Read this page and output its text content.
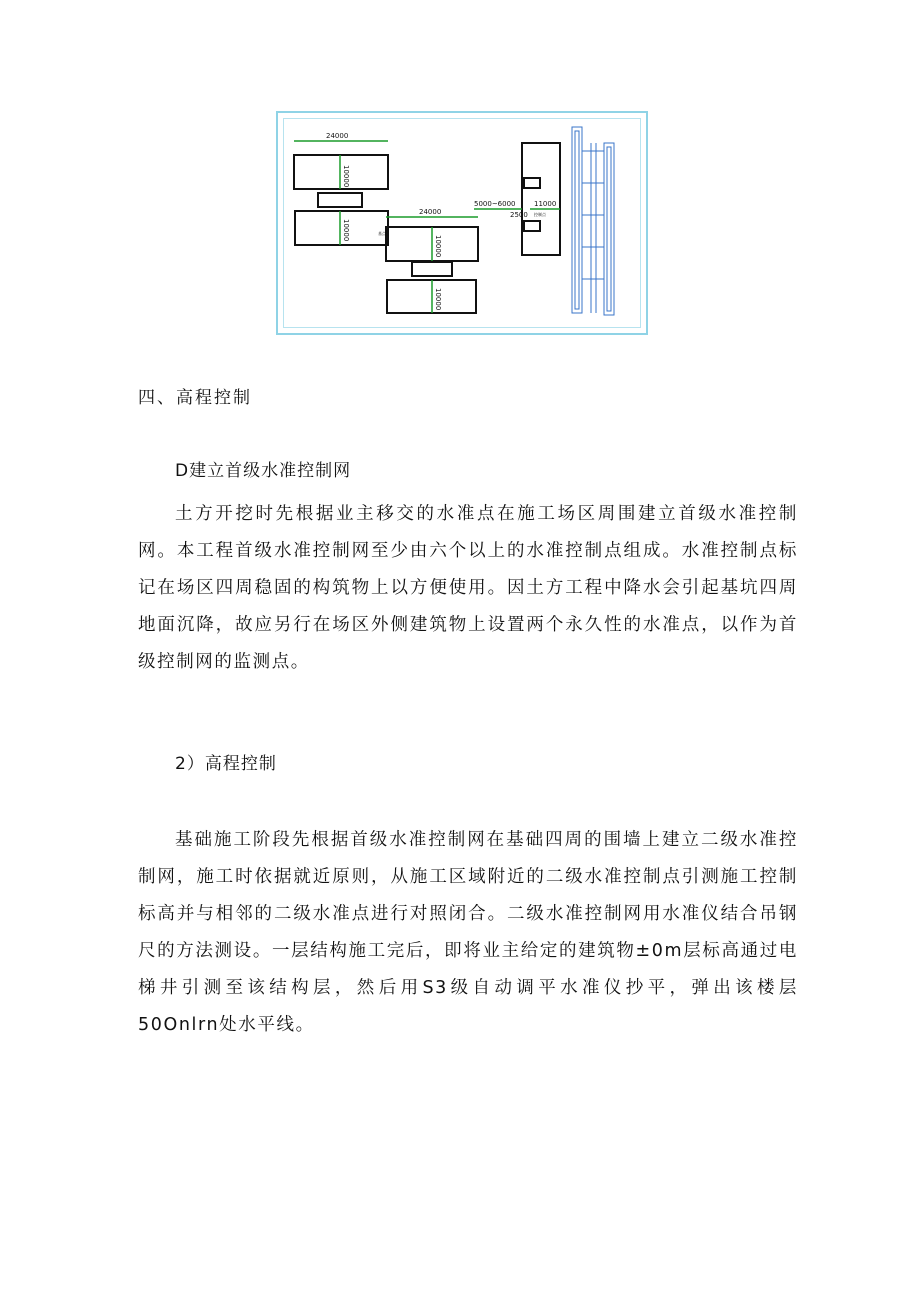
24000
24000
5000~6000	11000
2500
基点
控制点
10000
10000
10000
10000
四、高程控制
D建立首级水准控制网

土方开挖时先根据业主移交的水准点在施工场区周围建立首级水准控制网。本工程首级水准控制网至少由六个以上的水准控制点组成。水准控制点标记在场区四周稳固的构筑物上以方便使用。因土方工程中降水会引起基坑四周地面沉降，故应另行在场区外侧建筑物上设置两个永久性的水准点，以作为首级控制网的监测点。

2）高程控制

基础施工阶段先根据首级水准控制网在基础四周的围墙上建立二级水准控制网，施工时依据就近原则，从施工区域附近的二级水准控制点引测施工控制标高并与相邻的二级水准点进行对照闭合。二级水准控制网用水准仪结合吊钢尺的方法测设。一层结构施工完后，即将业主给定的建筑物±0m层标高通过电梯井引测至该结构层，然后用S3级自动调平水准仪抄平，弹出该楼层50Onlrn处水平线。
